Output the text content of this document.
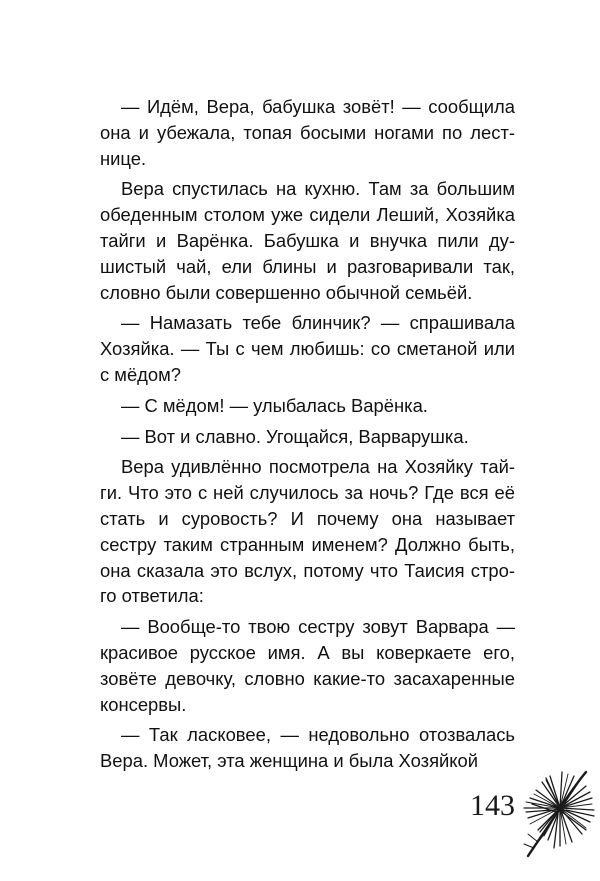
— Идём, Вера, бабушка зовёт! — сообщила она и убежала, топая босыми ногами по лестнице.

Вера спустилась на кухню. Там за большим обеденным столом уже сидели Леший, Хозяйка тайги и Варёнка. Бабушка и внучка пили душистый чай, ели блины и разговаривали так, словно были совершенно обычной семьёй.

— Намазать тебе блинчик? — спрашивала Хозяйка. — Ты с чем любишь: со сметаной или с мёдом?

— С мёдом! — улыбалась Варёнка.

— Вот и славно. Угощайся, Варварушка.

Вера удивлённо посмотрела на Хозяйку тайги. Что это с ней случилось за ночь? Где вся её стать и суровость? И почему она называет сестру таким странным именем? Должно быть, она сказала это вслух, потому что Таисия строго ответила:

— Вообще-то твою сестру зовут Варвара — красивое русское имя. А вы коверкаете его, зовёте девочку, словно какие-то засахаренные консервы.

— Так ласковее, — недовольно отозвалась Вера. Может, эта женщина и была Хозяйкой

143
